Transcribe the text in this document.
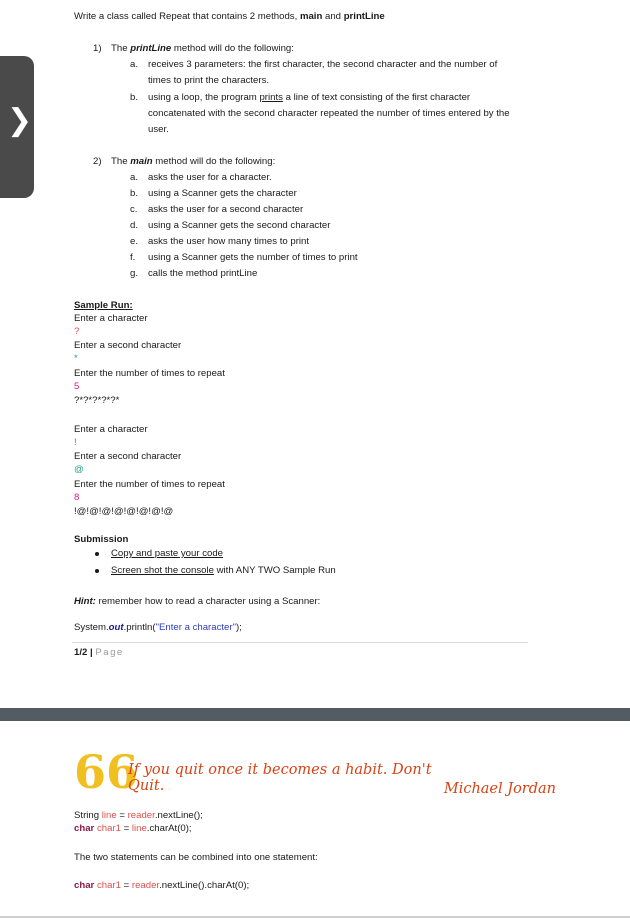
❯
Write a class called Repeat that contains 2 methods, main and printLine
1) The printLine method will do the following:
a. receives 3 parameters: the first character, the second character and the number of
times to print the characters.
b. using a loop, the program prints a line of text consisting of the first character
concatenated with the second character repeated the number of times entered by the
user.
2) The main method will do the following:
a. asks the user for a character.
b. using a Scanner gets the character
c. asks the user for a second character
d. using a Scanner gets the second character
e. asks the user how many times to print
f. using a Scanner gets the number of times to print
g. calls the method printLine
Sample Run:
Enter a character
?
Enter a second character
*
Enter the number of times to repeat
5
?*?*?*?*?*
Enter a character
!
Enter a second character
@
Enter the number of times to repeat
8
!@!@!@!@!@!@!@!@
Submission
Copy and paste your code
Screen shot the console with ANY TWO Sample Run
Hint: remember how to read a character using a Scanner:
System.out.println("Enter a character");
1/2 | Page
66
If you quit once it becomes a habit. Don't
Quit.	Michael Jordan
String line = reader.nextLine();
char char1 = line.charAt(0);
The two statements can be combined into one statement:
char char1 = reader.nextLine().charAt(0);
